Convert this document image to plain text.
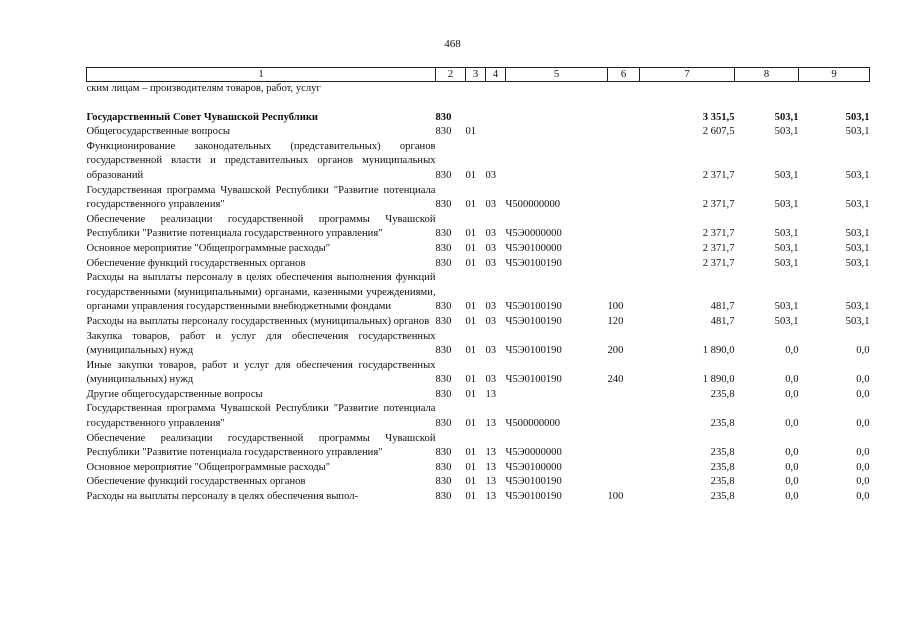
468
1	2	3	4	5	6	7	8	9
ским лицам – производителям товаров, работ, услуг								

Государственный Совет Чувашской Республики	830					3 351,5	503,1	503,1
Общегосударственные вопросы	830	01				2 607,5	503,1	503,1
Функционирование законодательных (представительных) органов государственной власти и представительных органов муниципальных образований	830	01	03			2 371,7	503,1	503,1
Государственная программа Чувашской Республики "Развитие потенциала государственного управления"	830	01	03	Ч500000000		2 371,7	503,1	503,1
Обеспечение реализации государственной программы Чувашской Республики "Развитие потенциала государственного управления"	830	01	03	Ч5Э0000000		2 371,7	503,1	503,1
Основное мероприятие "Общепрограммные расходы"	830	01	03	Ч5Э0100000		2 371,7	503,1	503,1
Обеспечение функций государственных органов	830	01	03	Ч5Э0100190		2 371,7	503,1	503,1
Расходы на выплаты персоналу в целях обеспечения выполнения функций государственными (муниципальными) органами, казенными учреждениями, органами управления государственными внебюджетными фондами	830	01	03	Ч5Э0100190	100	481,7	503,1	503,1
Расходы на выплаты персоналу государственных (муниципальных) органов	830	01	03	Ч5Э0100190	120	481,7	503,1	503,1
Закупка товаров, работ и услуг для обеспечения государственных (муниципальных) нужд	830	01	03	Ч5Э0100190	200	1 890,0	0,0	0,0
Иные закупки товаров, работ и услуг для обеспечения государственных (муниципальных) нужд	830	01	03	Ч5Э0100190	240	1 890,0	0,0	0,0
Другие общегосударственные вопросы	830	01	13			235,8	0,0	0,0
Государственная программа Чувашской Республики "Развитие потенциала государственного управления"	830	01	13	Ч500000000		235,8	0,0	0,0
Обеспечение реализации государственной программы Чувашской Республики "Развитие потенциала государственного управления"	830	01	13	Ч5Э0000000		235,8	0,0	0,0
Основное мероприятие "Общепрограммные расходы"	830	01	13	Ч5Э0100000		235,8	0,0	0,0
Обеспечение функций государственных органов	830	01	13	Ч5Э0100190		235,8	0,0	0,0
Расходы на выплаты персоналу в целях обеспечения выпол-	830	01	13	Ч5Э0100190	100	235,8	0,0	0,0
